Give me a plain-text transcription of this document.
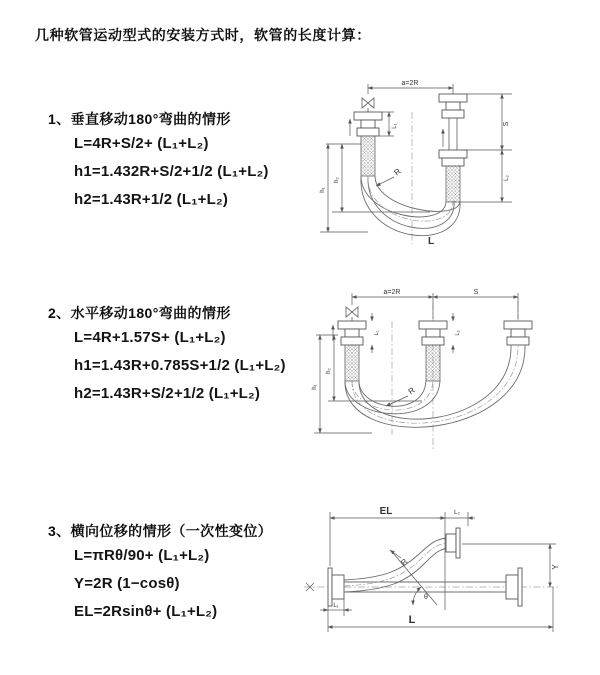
几种软管运动型式的安装方式时，软管的长度计算：
1、垂直移动180°弯曲的情形
L=4R+S/2+ (L₁+L₂)
h1=1.432R+S/2+1/2 (L₁+L₂)
h2=1.43R+1/2 (L₁+L₂)
2、水平移动180°弯曲的情形
L=4R+1.57S+ (L₁+L₂)
h1=1.43R+0.785S+1/2 (L₁+L₂)
h2=1.43R+S/2+1/2 (L₁+L₂)
3、横向位移的情形（一次性变位）
L=πRθ/90+ (L₁+L₂)
Y=2R (1−cosθ)
EL=2Rsinθ+ (L₁+L₂)
a=2R
L₁	S
L₂
h₂
h₁
R
L
a=2R	S
L₁	L₂
h₂
h₁	R
EL	L₂
Y
L
L₁
R
θ
